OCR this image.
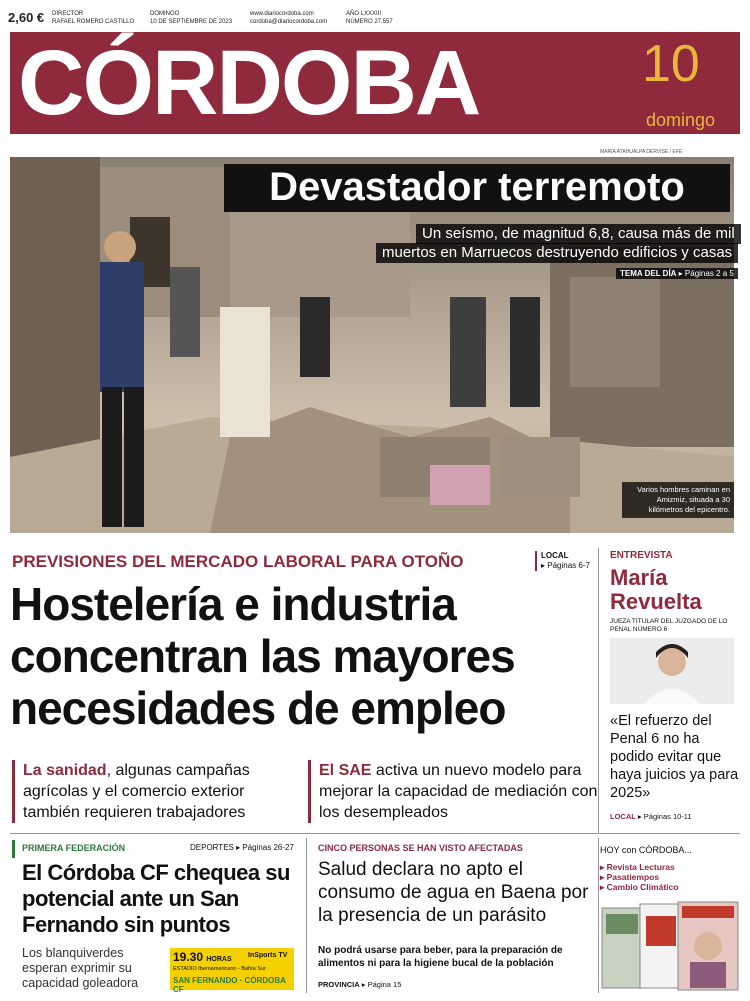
2,60 € DIRECTOR
RAFAEL ROMERO CASTILLO
DOMINGO
10 DE SEPTIEMBRE DE 2023
www.diariocordoba.com
cordoba@diariocordoba.com
AÑO LXXXIII
NÚMERO 27.557
CÓRDOBA	10
domingo
MARÍA ATAHUALPA DERVISE / EFE
Devastador terremoto
Un seísmo, de magnitud 6,8, causa más de mil
muertos en Marruecos destruyendo edificios y casas
TEMA DEL DÍA ▸ Páginas 2 a 5
Varios hombres caminan en Amizmiz, situada a 30 kilómetros del epicentro.
PREVISIONES DEL MERCADO LABORAL PARA OTOÑO	LOCAL
▸ Páginas 6-7
Hostelería e industria concentran las mayores necesidades de empleo
La sanidad, algunas campañas agrícolas y el comercio exterior también requieren trabajadores
El SAE activa un nuevo modelo para mejorar la capacidad de mediación con los desempleados
ENTREVISTA
María
Revuelta
JUEZA TITULAR DEL JUZGADO DE LO PENAL NÚMERO 6
«El refuerzo del Penal 6 no ha podido evitar que haya juicios ya para 2025»
LOCAL ▸ Páginas 10-11
PRIMERA FEDERACIÓN	DEPORTES ▸ Páginas 26-27
El Córdoba CF chequea su potencial ante un San Fernando sin puntos
Los blanquiverdes esperan exprimir su capacidad goleadora
19.30 HORAS
InSports TV
ESTADIO Iberoamericano - Bahía Sur
SAN FERNANDO · CÓRDOBA CF
CINCO PERSONAS SE HAN VISTO AFECTADAS
Salud declara no apto el consumo de agua en Baena por la presencia de un parásito
No podrá usarse para beber, para la preparación de alimentos ni para la higiene bucal de la población
PROVINCIA ▸ Página 15
HOY con CÓRDOBA...
▸ Revista Lecturas
▸ Pasatiempos
▸ Cambio Climático
